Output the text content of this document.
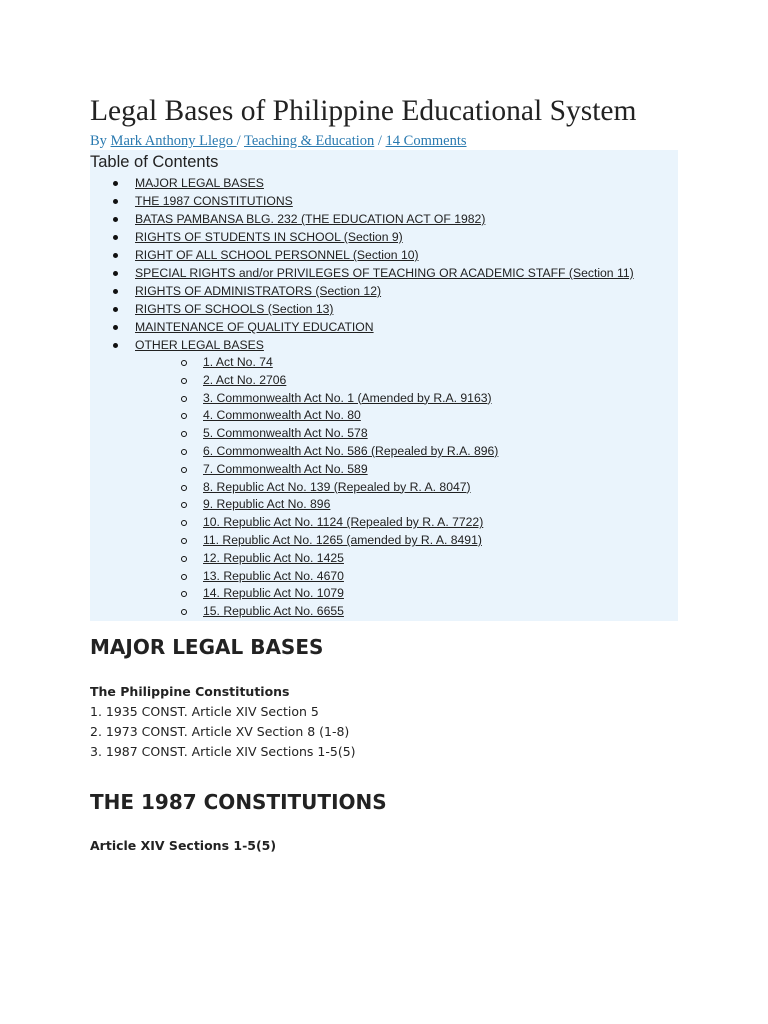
Legal Bases of Philippine Educational System
By Mark Anthony Llego / Teaching & Education / 14 Comments
Table of Contents
MAJOR LEGAL BASES
THE 1987 CONSTITUTIONS
BATAS PAMBANSA BLG. 232 (THE EDUCATION ACT OF 1982)
RIGHTS OF STUDENTS IN SCHOOL (Section 9)
RIGHT OF ALL SCHOOL PERSONNEL (Section 10)
SPECIAL RIGHTS and/or PRIVILEGES OF TEACHING OR ACADEMIC STAFF (Section 11)
RIGHTS OF ADMINISTRATORS (Section 12)
RIGHTS OF SCHOOLS (Section 13)
MAINTENANCE OF QUALITY EDUCATION
OTHER LEGAL BASES
1. Act No. 74
2. Act No. 2706
3. Commonwealth Act No. 1 (Amended by R.A. 9163)
4. Commonwealth Act No. 80
5. Commonwealth Act No. 578
6. Commonwealth Act No. 586 (Repealed by R.A. 896)
7. Commonwealth Act No. 589
8. Republic Act No. 139 (Repealed by R. A. 8047)
9. Republic Act No. 896
10. Republic Act No. 1124 (Repealed by R. A. 7722)
11. Republic Act No. 1265 (amended by R. A. 8491)
12. Republic Act No. 1425
13. Republic Act No. 4670
14. Republic Act No. 1079
15. Republic Act No. 6655
MAJOR LEGAL BASES
The Philippine Constitutions
1. 1935 CONST. Article XIV Section 5
2. 1973 CONST. Article XV Section 8 (1-8)
3. 1987 CONST. Article XIV Sections 1-5(5)
THE 1987 CONSTITUTIONS
Article XIV Sections 1-5(5)
